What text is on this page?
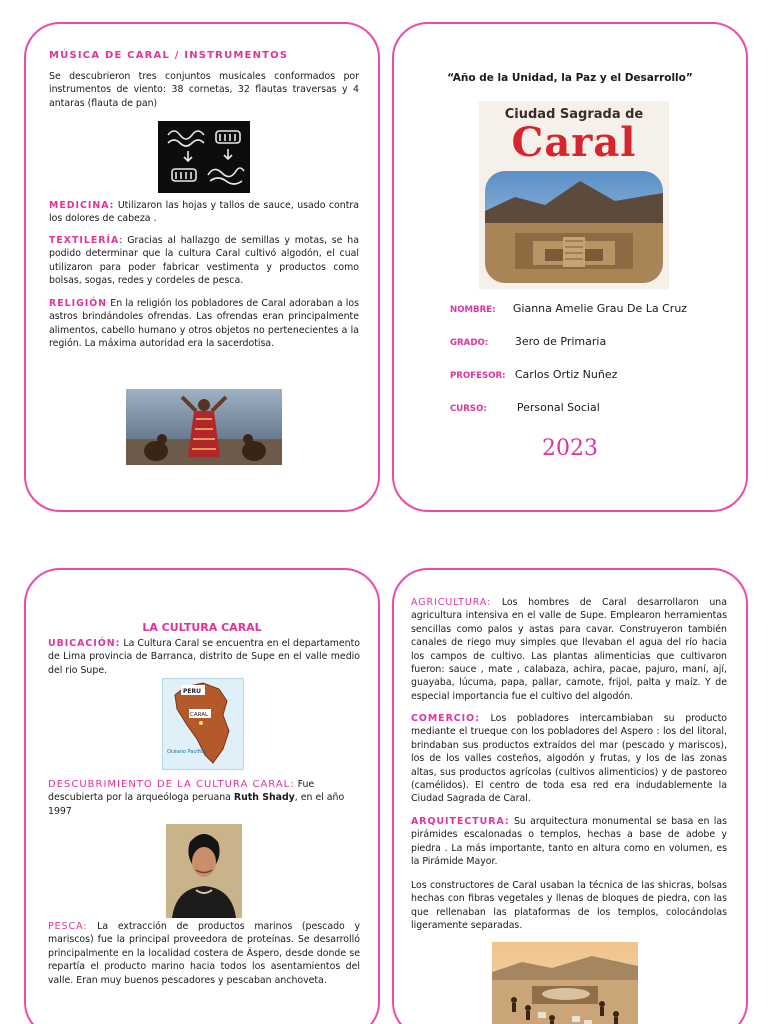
MÚSICA DE CARAL / INSTRUMENTOS

Se descubrieron tres conjuntos musicales conformados por instrumentos de viento: 38 cornetas, 32 flautas traversas y 4 antaras (flauta de pan)

MEDICINA: Utilizaron las hojas y tallos de sauce, usado contra los dolores de cabeza .

TEXTILERÍA: Gracias al hallazgo de semillas y motas, se ha podido determinar que la cultura Caral cultivó algodón, el cual utilizaron para poder fabricar vestimenta y productos como bolsas, sogas, redes y cordeles de pesca.

RELIGIÓN En la religión los pobladores de Caral adoraban a los astros brindándoles ofrendas. Las ofrendas eran principalmente alimentos, cabello humano y otros objetos no pertenecientes a la región. La máxima autoridad era la sacerdotisa.

“Año de la Unidad, la Paz y el Desarrollo”
Ciudad Sagrada de
Caral
NOMBRE: Gianna Amelie Grau De La Cruz
GRADO: 3ero de Primaria
PROFESOR: Carlos Ortiz Nuñez
CURSO:	Personal Social
2023
LA CULTURA CARAL

UBICACIÓN: La Cultura Caral se encuentra en el departamento de Lima provincia de Barranca, distrito de Supe en el valle medio del rio Supe.

PERU
CARAL
Océano Pacifico

DESCUBRIMIENTO DE LA CULTURA CARAL: Fue descubierta por la arqueóloga peruana Ruth Shady, en el año 1997

PESCA: La extracción de productos marinos (pescado y mariscos) fue la principal proveedora de proteínas. Se desarrolló principalmente en la localidad costera de Áspero, desde donde se repartía el producto marino hacia todos los asentamientos del valle. Eran muy buenos pescadores y pescaban anchoveta.

AGRICULTURA: Los hombres de Caral desarrollaron una agricultura intensiva en el valle de Supe. Emplearon herramientas sencillas como palos y astas para cavar. Construyeron también canales de riego muy simples que llevaban el agua del río hacia los campos de cultivo. Las plantas alimenticias que cultivaron fueron: sauce , mate , calabaza, achira, pacae, pajuro, maní, ají, guayaba, lúcuma, papa, pallar, camote, frijol, palta y maíz. Y de especial importancia fue el cultivo del algodón.

COMERCIO: Los pobladores intercambiaban su producto mediante el trueque con los pobladores del Aspero : los del litoral, brindaban sus productos extraídos del mar (pescado y mariscos), los de los valles costeños, algodón y frutas, y los de las zonas altas, sus productos agrícolas (cultivos alimenticios) y de pastoreo (camélidos). El centro de toda esa red era indudablemente la Ciudad Sagrada de Caral.

ARQUITECTURA: Su arquitectura monumental se basa en las pirámides escalonadas o templos, hechas a base de adobe y piedra . La más importante, tanto en altura como en volumen, es la Pirámide Mayor.

Los constructores de Caral usaban la técnica de las shicras, bolsas hechas con fibras vegetales y llenas de bloques de piedra, con las que rellenaban las plataformas de los templos, colocándolas ligeramente separadas.
